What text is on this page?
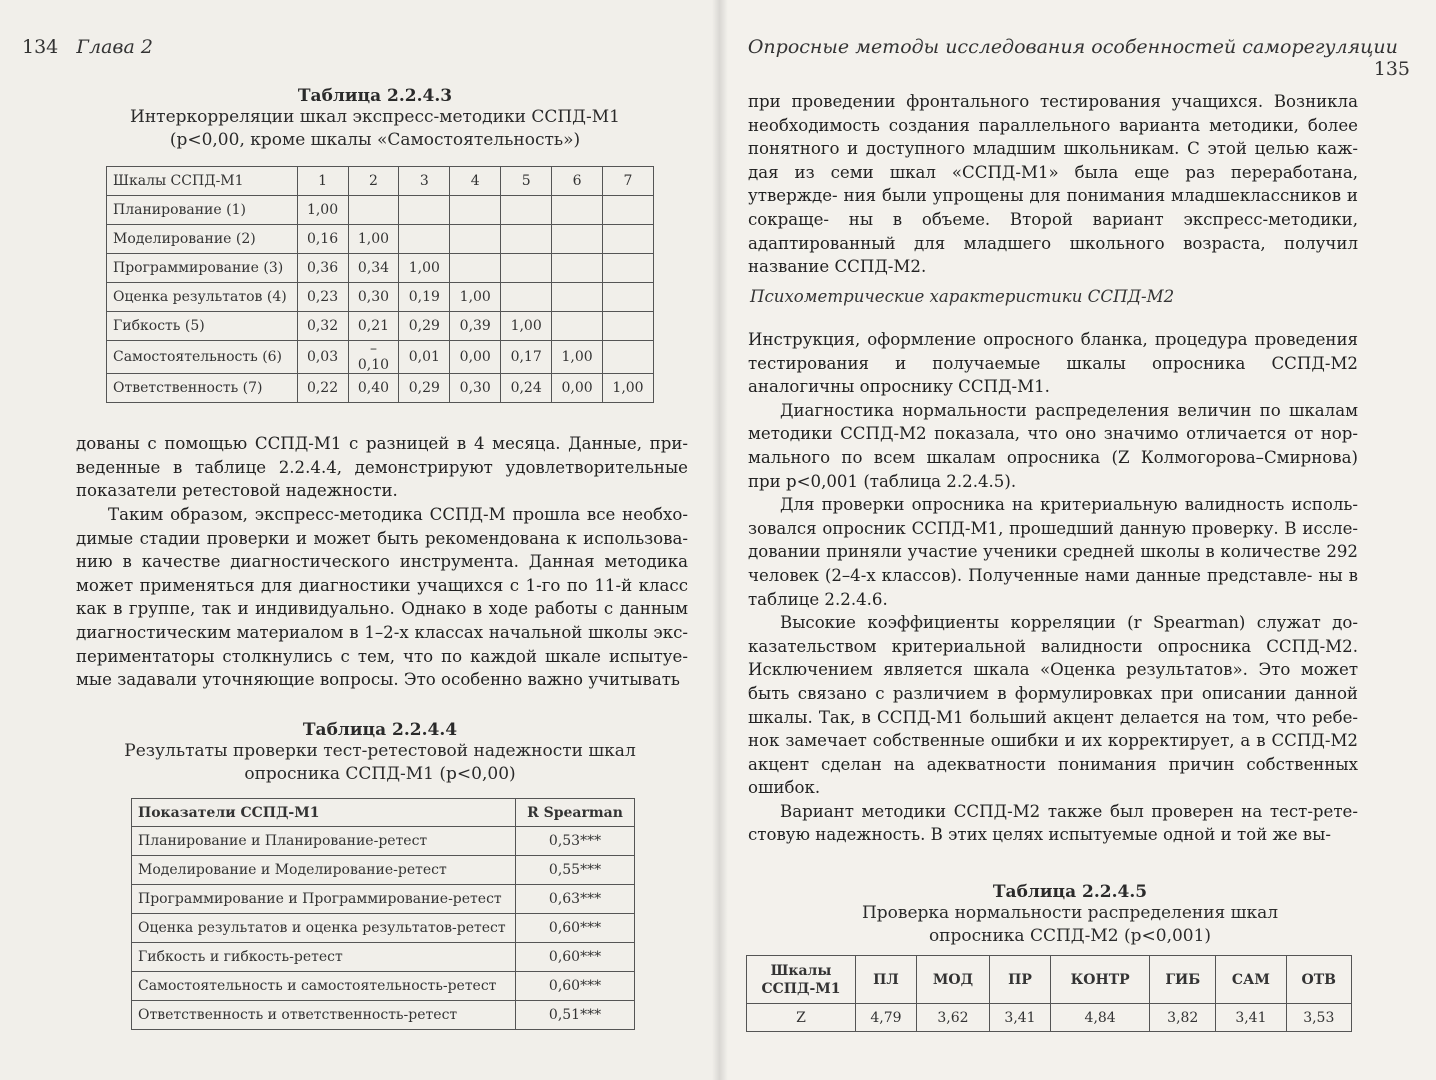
134 Глава 2
Таблица 2.2.4.3
Интеркорреляции шкал экспресс-методики ССПД-М1
(p<0,00, кроме шкалы «Самостоятельность»)
Шкалы ССПД-М1	1	2	3	4	5	6	7
Планирование (1)	1,00						
Моделирование (2)	0,16	1,00					
Программирование (3)	0,36	0,34	1,00				
Оценка результатов (4)	0,23	0,30	0,19	1,00			
Гибкость (5)	0,32	0,21	0,29	0,39	1,00		
Самостоятельность (6)	0,03	–0,10	0,01	0,00	0,17	1,00	
Ответственность (7)	0,22	0,40	0,29	0,30	0,24	0,00	1,00

дованы с помощью ССПД-М1 с разницей в 4 месяца. Данные, при- веденные в таблице 2.2.4.4, демонстрируют удовлетворительные показатели ретестовой надежности.

Таким образом, экспресс-методика ССПД-М прошла все необхо- димые стадии проверки и может быть рекомендована к использова- нию в качестве диагностического инструмента. Данная методика может применяться для диагностики учащихся с 1-го по 11-й класс как в группе, так и индивидуально. Однако в ходе работы с данным диагностическим материалом в 1–2-х классах начальной школы экс- периментаторы столкнулись с тем, что по каждой шкале испытуе- мые задавали уточняющие вопросы. Это особенно важно учитывать

Таблица 2.2.4.4
Результаты проверки тест-ретестовой надежности шкал
опросника ССПД-М1 (p<0,00)
Показатели ССПД-М1	R Spearman
Планирование и Планирование-ретест	0,53***
Моделирование и Моделирование-ретест	0,55***
Программирование и Программирование-ретест	0,63***
Оценка результатов и оценка результатов-ретест	0,60***
Гибкость и гибкость-ретест	0,60***
Самостоятельность и самостоятельность-ретест	0,60***
Ответственность и ответственность-ретест	0,51***
Опросные методы исследования особенностей саморегуляции   135

при проведении фронтального тестирования учащихся. Возникла необходимость создания параллельного варианта методики, более понятного и доступного младшим школьникам. С этой целью каж- дая из семи шкал «ССПД-М1» была еще раз переработана, утвержде- ния были упрощены для понимания младшеклассников и сокраще- ны в объеме. Второй вариант экспресс-методики, адаптированный для младшего школьного возраста, получил название ССПД-М2.

Психометрические характеристики ССПД-М2

Инструкция, оформление опросного бланка, процедура проведения тестирования и получаемые шкалы опросника ССПД-М2 аналогичны опроснику ССПД-М1.

Диагностика нормальности распределения величин по шкалам методики ССПД-М2 показала, что оно значимо отличается от нор- мального по всем шкалам опросника (Z Колмогорова–Смирнова) при p<0,001 (таблица 2.2.4.5).

Для проверки опросника на критериальную валидность исполь- зовался опросник ССПД-М1, прошедший данную проверку. В иссле- довании приняли участие ученики средней школы в количестве 292 человек (2–4-х классов). Полученные нами данные представле- ны в таблице 2.2.4.6.

Высокие коэффициенты корреляции (r Spearman) служат до- казательством критериальной валидности опросника ССПД-М2. Исключением является шкала «Оценка результатов». Это может быть связано с различием в формулировках при описании данной шкалы. Так, в ССПД-М1 больший акцент делается на том, что ребе- нок замечает собственные ошибки и их корректирует, а в ССПД-М2 акцент сделан на адекватности понимания причин собственных ошибок.

Вариант методики ССПД-М2 также был проверен на тест-рете- стовую надежность. В этих целях испытуемые одной и той же вы-

Таблица 2.2.4.5
Проверка нормальности распределения шкал
опросника ССПД-М2 (p<0,001)
Шкалы
ССПД-М1	ПЛ	МОД	ПР	КОНТР	ГИБ	САМ	ОТВ
Z	4,79	3,62	3,41	4,84	3,82	3,41	3,53
